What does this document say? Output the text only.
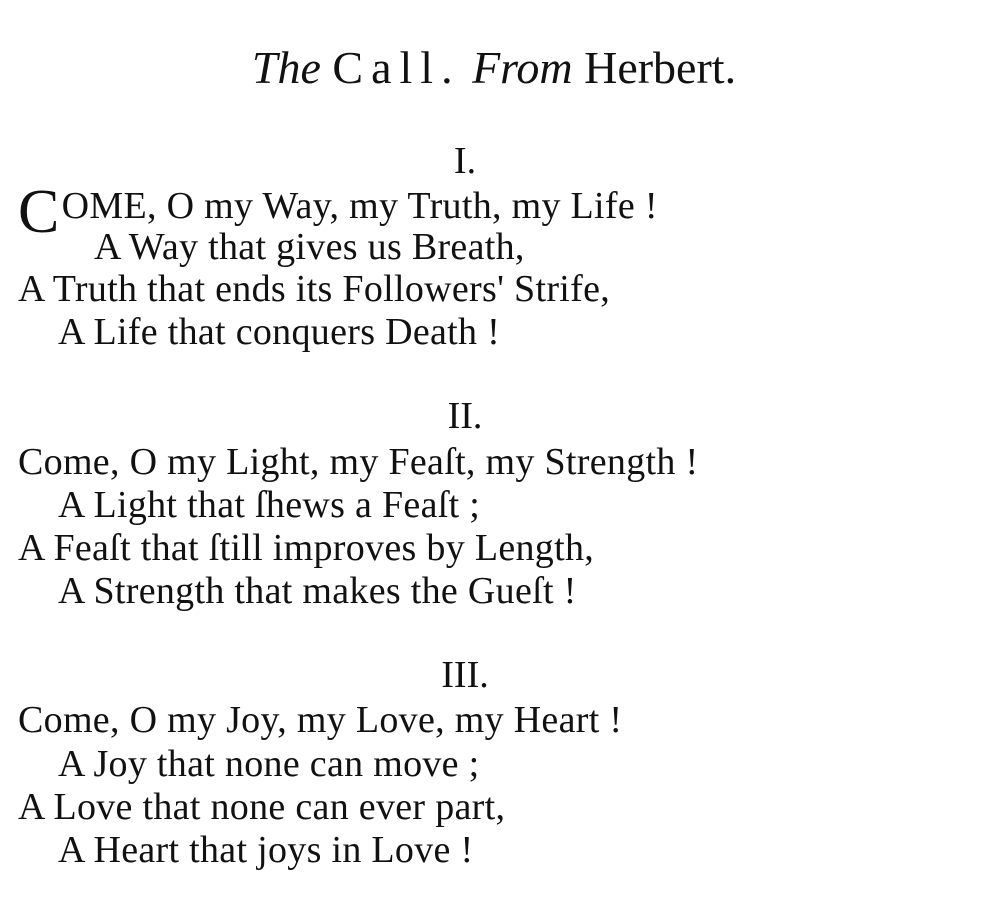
The Call. From Herbert.
I.
COME, O my Way, my Truth, my Life !
A Way that gives us Breath,
A Truth that ends its Followers' Strife,
A Life that conquers Death !
II.
Come, O my Light, my Feaſt, my Strength !
A Light that ſhews a Feaſt ;
A Feaſt that ſtill improves by Length,
A Strength that makes the Gueſt !
III.
Come, O my Joy, my Love, my Heart !
A Joy that none can move ;
A Love that none can ever part,
A Heart that joys in Love !
